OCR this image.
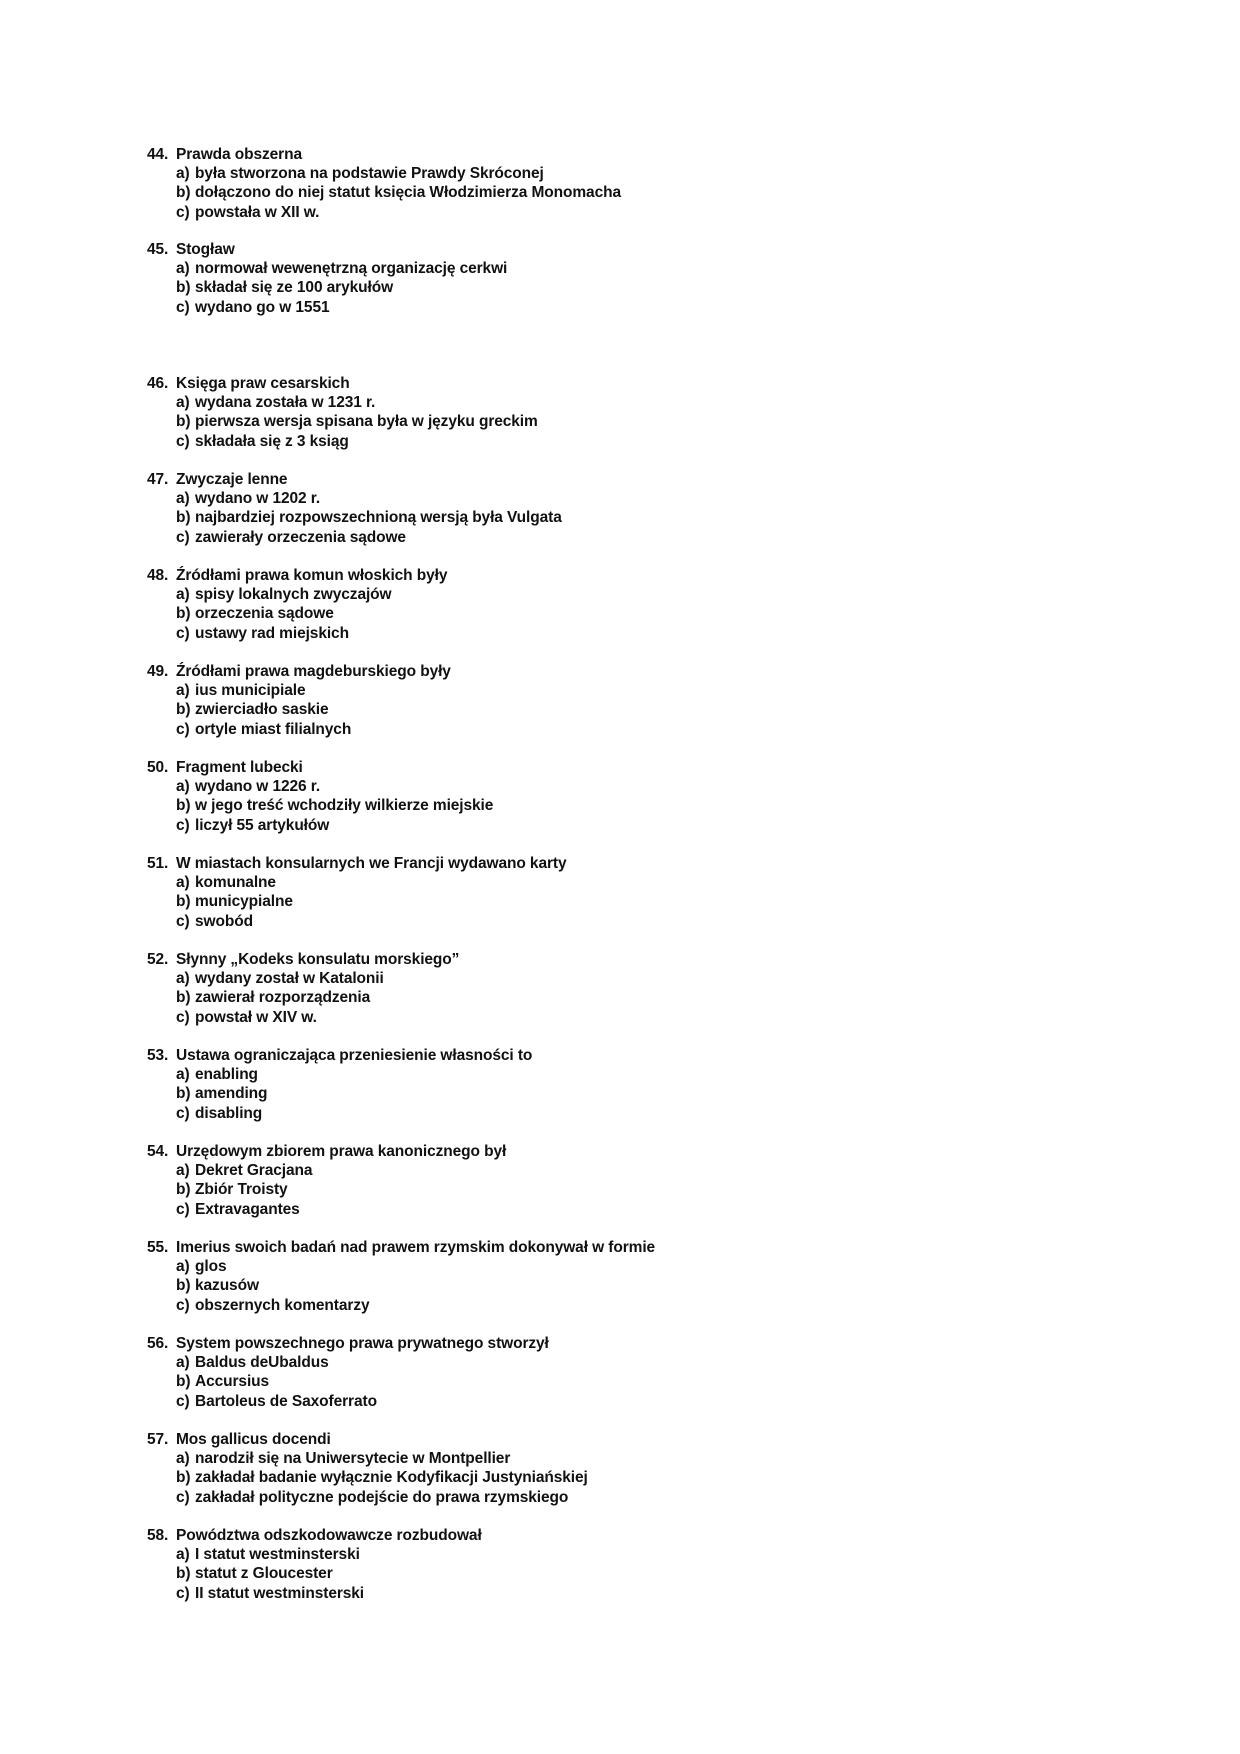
44. Prawda obszerna
a) była stworzona na podstawie Prawdy Skróconej
b) dołączono do niej statut księcia Włodzimierza Monomacha
c) powstała w XII w.
45. Stogław
a) normował wewenętrzną organizację cerkwi
b) składał się ze 100 arykułów
c) wydano go w 1551
46. Księga praw cesarskich
a) wydana została w 1231 r.
b) pierwsza wersja spisana była w języku greckim
c) składała się z 3 ksiąg
47. Zwyczaje lenne
a) wydano w 1202 r.
b) najbardziej rozpowszechnioną wersją była Vulgata
c) zawierały orzeczenia sądowe
48. Źródłami prawa komun włoskich były
a) spisy lokalnych zwyczajów
b) orzeczenia sądowe
c) ustawy rad miejskich
49. Źródłami prawa magdeburskiego były
a) ius municipiale
b) zwierciadło saskie
c) ortyle miast filialnych
50. Fragment lubecki
a) wydano w 1226 r.
b) w jego treść wchodziły wilkierze miejskie
c) liczył 55 artykułów
51. W miastach konsularnych we Francji wydawano karty
a) komunalne
b) municypialne
c) swobód
52. Słynny „Kodeks konsulatu morskiego”
a) wydany został w Katalonii
b) zawierał rozporządzenia
c) powstał w XIV w.
53. Ustawa ograniczająca przeniesienie własności to
a) enabling
b) amending
c) disabling
54. Urzędowym zbiorem prawa kanonicznego był
a) Dekret Gracjana
b) Zbiór Troisty
c) Extravagantes
55. Imerius swoich badań nad prawem rzymskim dokonywał w formie
a) glos
b) kazusów
c) obszernych komentarzy
56. System powszechnego prawa prywatnego stworzył
a) Baldus deUbaldus
b) Accursius
c) Bartoleus de Saxoferrato
57. Mos gallicus docendi
a) narodził się na Uniwersytecie w Montpellier
b) zakładał badanie wyłącznie Kodyfikacji Justyniańskiej
c) zakładał polityczne podejście do prawa rzymskiego
58. Powództwa odszkodowawcze rozbudował
a) I statut westminsterski
b) statut z Gloucester
c) II statut westminsterski
